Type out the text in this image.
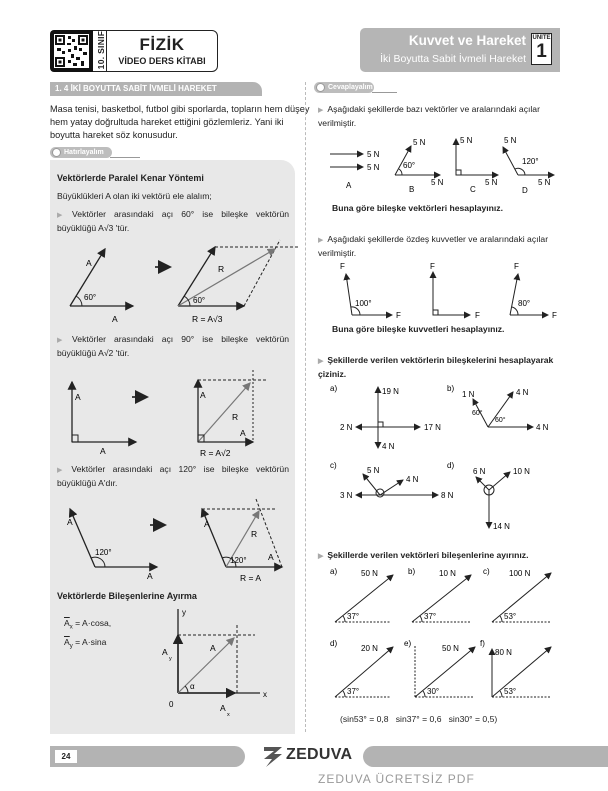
10. SINIF	FİZİK
VİDEO DERS KİTABI
Kuvvet ve Hareket
İki Boyutta Sabit İvmeli Hareket
ÜNİTE
1
1. 4 İKİ BOYUTTA SABİT İVMELİ HAREKET
Masa tenisi, basketbol, futbol gibi sporlarda, topların hem düşey hem yatay doğrultuda hareket ettiğini gözlemleriz. Yani iki boyutta hareket söz konusudur.
Hatırlayalım
Vektörlerde Paralel Kenar Yöntemi
Büyüklükleri A olan iki vektörü ele alalım;
▶ Vektörler arasındaki açı 60° ise bileşke vektörün büyüklüğü A√3 'tür.
60°
A
A
60°
R
R = A√3
▶ Vektörler arasındaki açı 90° ise bileşke vektörün büyüklüğü A√2 'tür.
A
A
A
R
A
R = A√2
▶ Vektörler arasındaki açı 120° ise bileşke vektörün büyüklüğü A'dır.
120°
A
A
120°
A
R
A
R = A
Vektörlerde Bileşenlerine Ayırma
$\overline{A}_x = A\cdot\cos a$,
$\overline{A}_y = A\cdot\sin a$
α
y
x
0
A
A
y
A
x
Cevaplayalım
▶ Aşağıdaki şekillerde bazı vektörler ve aralarındaki açılar verilmiştir.
5 N
5 N
A
60°
5 N
5 N
B
5 N
5 N
C
5 N
120°
5 N
D
Buna göre bileşke vektörleri hesaplayınız.
▶ Aşağıdaki şekillerde özdeş kuvvetler ve aralarındaki açılar verilmiştir.
100°
F
F
F
F
80°
F
F
Buna göre bileşke kuvvetleri hesaplayınız.
▶ Şekillerde verilen vektörlerin bileşkelerini hesaplayarak çiziniz.
a)	19 N
2 N	17 N
4 N
b)
1 N	4 N
4 N
60°
60°
c)
5 N
4 N
3 N	8 N
d)
6 N	10 N
14 N
▶ Şekillerde verilen vektörleri bileşenlerine ayırınız.
a)	50 N
37°
b)	10 N
37°
c) 100 N
53°
d)
20 N
37°
e)
50 N
30°
f)
80 N
53°
(sin53° = 0,8   sin37° = 0,6   sin30° = 0,5)
ZEDUVA ÜCRETSİZ PDF
24	ZEDUVA
